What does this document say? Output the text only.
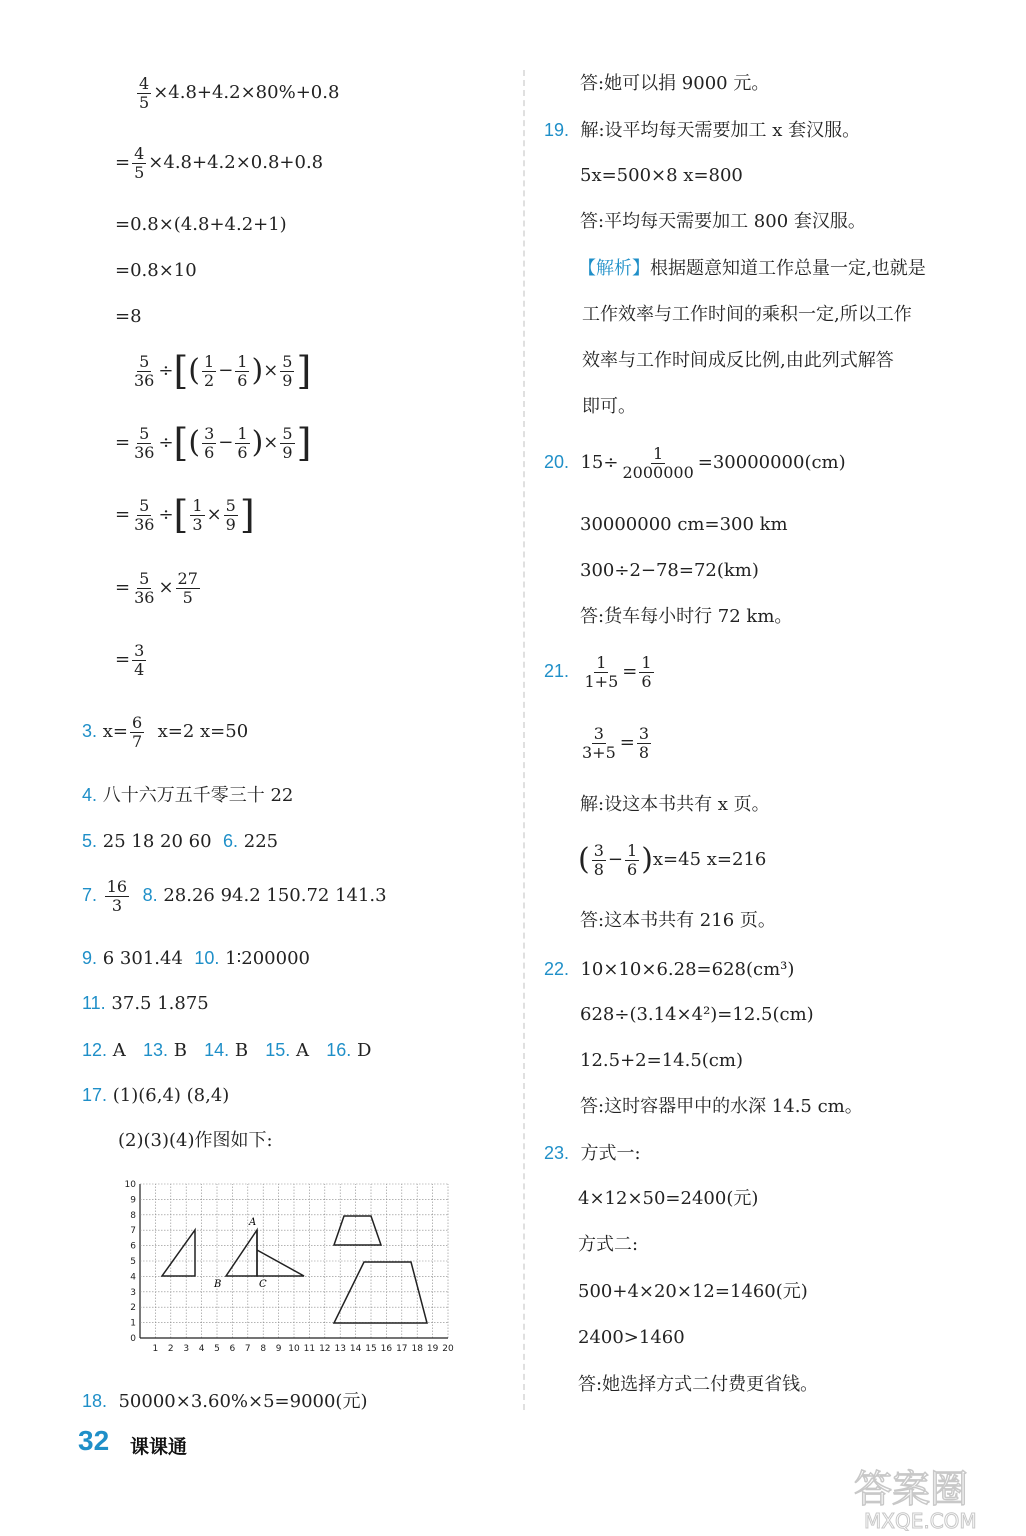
$\frac{4}{5} \times 4.8+4.2\times 80\%+0.8$
= $\frac{4}{5} \times 4.8+4.2\times 0.8+0.8$
=0.8×(4.8+4.2+1)
=0.8×10
=8
$\frac{5}{36}$ ÷[( $\frac{1}{2} - \frac{1}{6}$ )× $\frac{5}{9}$ ]
= $\frac{5}{36}$ ÷[( $\frac{3}{6} - \frac{1}{6}$ )× $\frac{5}{9}$ ]
= $\frac{5}{36}$ ÷[ $\frac{1}{3} \times \frac{5}{9}$ ]
= $\frac{5}{36} \times \frac{27}{5}$
= $\frac{3}{4}$
3. $x= \frac{6}{7} x=2$ x=50
4. 八十六万五千零三十 22
5. 25 18 20 60 6. 225
7. $\frac{16}{3} 8$. 28.26 94.2 150.72 141.3
9. 6 301.44 10. 1∶200000
11. 37.5 1.875
12. A 13. B 14. B 15. A 16. D
17. (1)(6,4) (8,4)
(2)(3)(4)作图如下:
A
B	C
0
1
2
3
4
5
6
7
8
9
10
1 2 3 4 5 6 7 8 9 10 11 12 13 14 15 16 17 18 19 20
18. 50000×3.60%×5=9000(元)
答:她可以捐 9000 元。
19. 解:设平均每天需要加工 x 套汉服。
5x=500×8 x=800
答:平均每天需要加工 800 套汉服。
【解析】根据题意知道工作总量一定,也就是
工作效率与工作时间的乘积一定,所以工作
效率与工作时间成反比例,由此列式解答
即可。
20. $15\div \frac{1}{2000000} =30000000(cm)$
30000000 cm=300 km
300÷2−78=72(km)
答:货车每小时行 72 km。
21. $\frac{1}{1+5} = \frac{1}{6}$
$\frac{3}{3+5} = \frac{3}{8}$
解:设这本书共有 x 页。
( $\frac{3}{8} - \frac{1}{6} )x=45$ x=216
答:这本书共有 216 页。
22. 10×10×6.28=628(cm³)
628÷(3.14×4²)=12.5(cm)
12.5+2=14.5(cm)
答:这时容器甲中的水深 14.5 cm。
23. 方式一:
4×12×50=2400(元)
方式二:
500+4×20×12=1460(元)
2400>1460
答:她选择方式二付费更省钱。
32 课课通
答案圈
MXQE.COM
